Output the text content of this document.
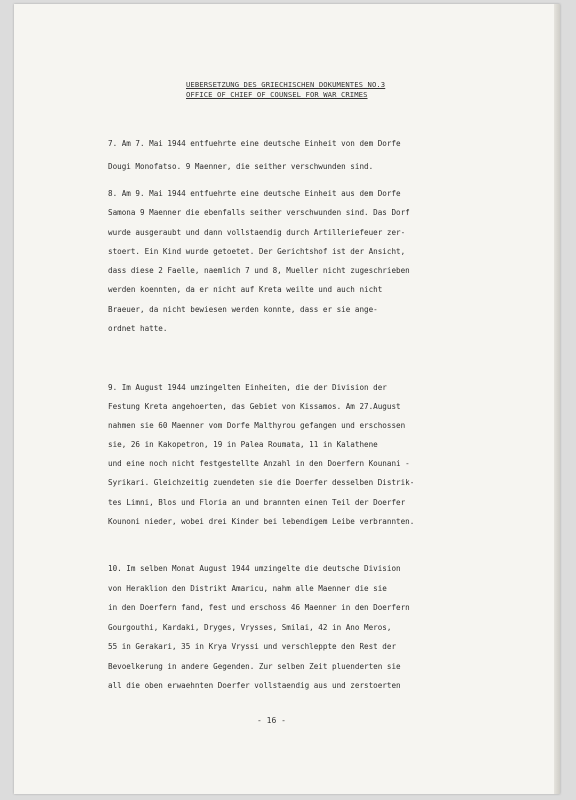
UEBERSETZUNG DES GRIECHISCHEN DOKUMENTES NO.3
OFFICE OF CHIEF OF COUNSEL FOR WAR CRIMES
7. Am 7. Mai 1944 entfuehrte eine deutsche Einheit von dem Dorfe
Dougi Monofatso. 9 Maenner, die seither verschwunden sind.
8. Am 9. Mai 1944 entfuehrte eine deutsche Einheit aus dem Dorfe
Samona 9 Maenner die ebenfalls seither verschwunden sind. Das Dorf
wurde ausgeraubt und dann vollstaendig durch Artilleriefeuer zer-
stoert. Ein Kind wurde getoetet. Der Gerichtshof ist der Ansicht,
dass diese 2 Faelle, naemlich 7 und 8, Mueller nicht zugeschrieben
werden koennten, da er nicht auf Kreta weilte und auch nicht
Braeuer, da nicht bewiesen werden konnte, dass er sie ange-
ordnet hatte.
9. Im August 1944 umzingelten Einheiten, die der Division der
Festung Kreta angehoerten, das Gebiet von Kissamos. Am 27.August
nahmen sie 60 Maenner vom Dorfe Malthyrou gefangen und erschossen
sie, 26 in Kakopetron, 19 in Palea Roumata, 11 in Kalathene
und eine noch nicht festgestellte Anzahl in den Doerfern Kounani -
Syrikari. Gleichzeitig zuendeten sie die Doerfer desselben Distrik-
tes Limni, Blos und Floria an und brannten einen Teil der Doerfer
Kounoni nieder, wobei drei Kinder bei lebendigem Leibe verbrannten.
10. Im selben Monat August 1944 umzingelte die deutsche Division
von Heraklion den Distrikt Amaricu, nahm alle Maenner die sie
in den Doerfern fand, fest und erschoss 46 Maenner in den Doerfern
Gourgouthi, Kardaki, Dryges, Vrysses, Smilai, 42 in Ano Meros,
55 in Gerakari, 35 in Krya Vryssi und verschleppte den Rest der
Bevoelkerung in andere Gegenden. Zur selben Zeit pluenderten sie
all die oben erwaehnten Doerfer vollstaendig aus und zerstoerten
- 16 -
